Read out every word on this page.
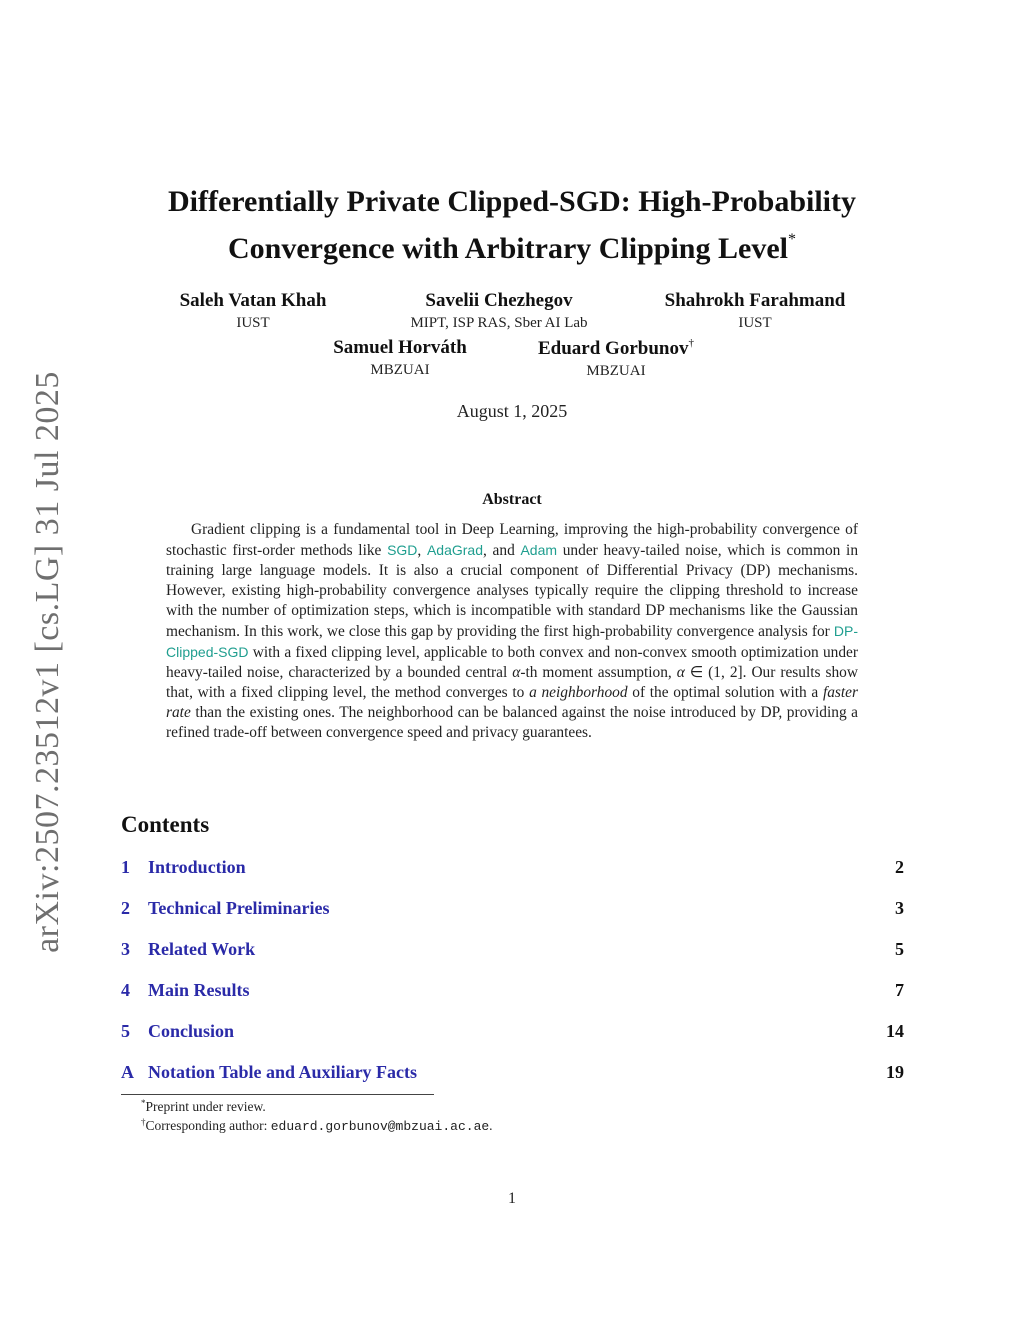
arXiv:2507.23512v1 [cs.LG] 31 Jul 2025
Differentially Private Clipped-SGD: High-Probability
Convergence with Arbitrary Clipping Level*
Saleh Vatan Khah
IUST
Savelii Chezhegov
MIPT, ISP RAS, Sber AI Lab
Shahrokh Farahmand
IUST
Samuel Horváth
MBZUAI
Eduard Gorbunov†
MBZUAI
August 1, 2025
Abstract
Gradient clipping is a fundamental tool in Deep Learning, improving the high-probability convergence of stochastic first-order methods like SGD, AdaGrad, and Adam under heavy-tailed noise, which is common in training large language models. It is also a crucial component of Differential Privacy (DP) mechanisms. However, existing high-probability convergence analyses typically require the clipping threshold to increase with the number of optimization steps, which is incompatible with standard DP mechanisms like the Gaussian mechanism. In this work, we close this gap by providing the first high-probability convergence analysis for DP-Clipped-SGD with a fixed clipping level, applicable to both convex and non-convex smooth optimization under heavy-tailed noise, characterized by a bounded central α-th moment assumption, α ∈ (1, 2]. Our results show that, with a fixed clipping level, the method converges to a neighborhood of the optimal solution with a faster rate than the existing ones. The neighborhood can be balanced against the noise introduced by DP, providing a refined trade-off between convergence speed and privacy guarantees.
Contents
1 Introduction	2
2 Technical Preliminaries	3
3 Related Work	5
4 Main Results	7
5 Conclusion	14
A Notation Table and Auxiliary Facts	19
*Preprint under review.
†Corresponding author: eduard.gorbunov@mbzuai.ac.ae.
1
